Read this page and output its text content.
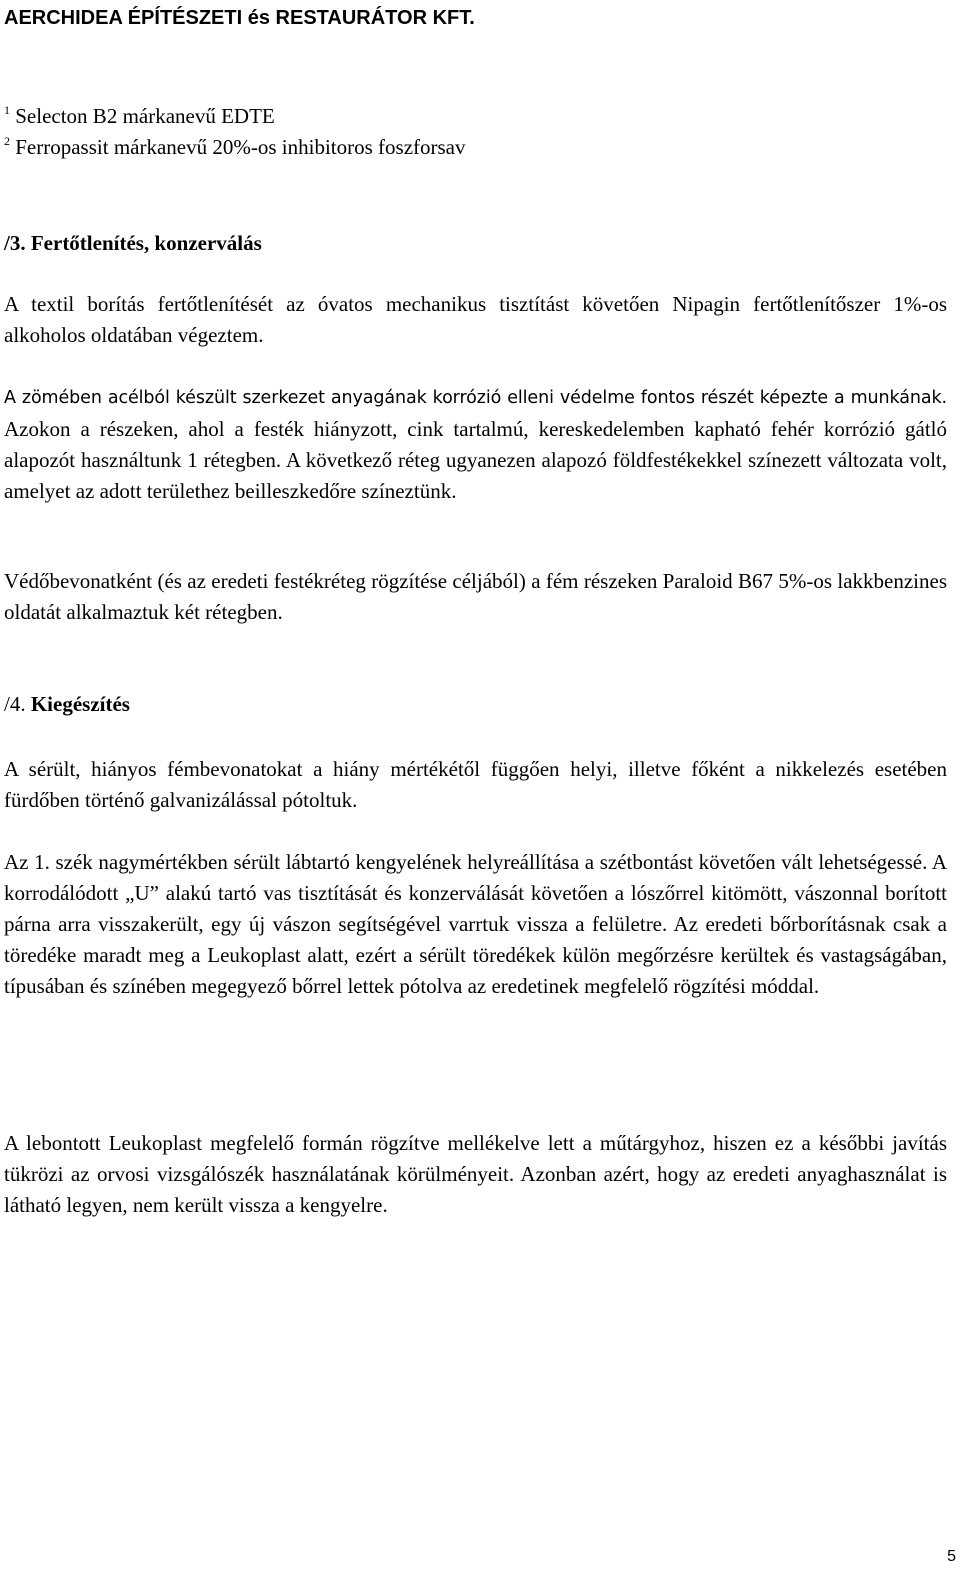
AERCHIDEA ÉPÍTÉSZETI és RESTAURÁTOR KFT.
$^1$ Selecton B2 márkanevű EDTE
$^2$ Ferropassit márkanevű 20%-os inhibitoros foszforsav
/3. Fertőtlenítés, konzerválás

A textil borítás fertőtlenítését az óvatos mechanikus tisztítást követően Nipagin fertőtlenítőszer 1%-os alkoholos oldatában végeztem.

A zömében acélból készült szerkezet anyagának korrózió elleni védelme fontos részét képezte a munkának. Azokon a részeken, ahol a festék hiányzott, cink tartalmú, kereskedelemben kapható fehér korrózió gátló alapozót használtunk 1 rétegben. A következő réteg ugyanezen alapozó földfestékekkel színezett változata volt, amelyet az adott területhez beilleszkedőre színeztünk.

Védőbevonatként (és az eredeti festékréteg rögzítése céljából) a fém részeken Paraloid B67 5%-os lakkbenzines oldatát alkalmaztuk két rétegben.

/4. Kiegészítés

A sérült, hiányos fémbevonatokat a hiány mértékétől függően helyi, illetve főként a nikkelezés esetében fürdőben történő galvanizálással pótoltuk.

Az 1. szék nagymértékben sérült lábtartó kengyelének helyreállítása a szétbontást követően vált lehetségessé. A korrodálódott „U” alakú tartó vas tisztítását és konzerválását követően a lószőrrel kitömött, vászonnal borított párna arra visszakerült, egy új vászon segítségével varrtuk vissza a felületre. Az eredeti bőrborításnak csak a töredéke maradt meg a Leukoplast alatt, ezért a sérült töredékek külön megőrzésre kerültek és vastagságában, típusában és színében megegyező bőrrel lettek pótolva az eredetinek megfelelő rögzítési móddal.

A lebontott Leukoplast megfelelő formán rögzítve mellékelve lett a műtárgyhoz, hiszen ez a későbbi javítás tükrözi az orvosi vizsgálószék használatának körülményeit. Azonban azért, hogy az eredeti anyaghasználat is látható legyen, nem került vissza a kengyelre.

5
